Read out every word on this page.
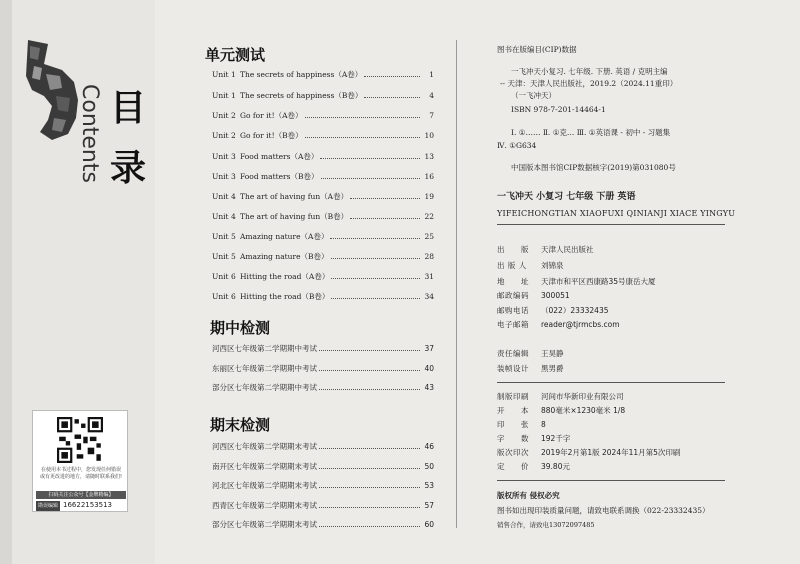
目
录
Contents
在使用本书过程中，您发现任何错误
或有更改进的地方，请随时联系我们!
扫码关注公众号【金牌精编】
勘误编辑 16622153513
单元测试
Unit 1 The secrets of happiness（A卷）	1
Unit 1 The secrets of happiness（B卷）	4
Unit 2 Go for it!（A卷）	7
Unit 2 Go for it!（B卷）	10
Unit 3 Food matters（A卷）	13
Unit 3 Food matters（B卷）	16
Unit 4 The art of having fun（A卷）	19
Unit 4 The art of having fun（B卷）	22
Unit 5 Amazing nature（A卷）	25
Unit 5 Amazing nature（B卷）	28
Unit 6 Hitting the road（A卷）	31
Unit 6 Hitting the road（B卷）	34
期中检测
河西区七年级第二学期期中考试	37
东丽区七年级第二学期期中考试	40
部分区七年级第二学期期中考试	43
期末检测
河西区七年级第二学期期末考试	46
南开区七年级第二学期期末考试	50
河北区七年级第二学期期末考试	53
西青区七年级第二学期期末考试	57
部分区七年级第二学期期末考试	60
图书在版编目(CIP)数据
一飞冲天小复习. 七年级. 下册. 英语 / 克明主编
-- 天津：天津人民出版社，2019.2（2024.11重印）
（一飞冲天）
ISBN 978-7-201-14464-1
Ⅰ. ①…… Ⅱ. ①克… Ⅲ. ①英语课 - 初中 - 习题集
Ⅳ. ①G634
中国版本图书馆CIP数据核字(2019)第031080号
一飞冲天 小复习 七年级 下册 英语
YIFEICHONGTIAN XIAOFUXI QINIANJI XIACE YINGYU
出　　版	天津人民出版社
出 版 人	刘锦泉
地　　址	天津市和平区西康路35号康岳大厦
邮政编码	300051
邮购电话	（022）23332435
电子邮箱	reader@tjrmcbs.com
责任编辑	王昊静
装帧设计	黑男爵
制版印刷	河间市华新印业有限公司
开　　本	880毫米×1230毫米 1/8
印　　张	8
字　　数	192千字
版次印次	2019年2月第1版 2024年11月第5次印刷
定　　价	39.80元
版权所有 侵权必究
图书如出现印装质量问题，请致电联系调换（022-23332435）
销售合作，请致电13072097485
